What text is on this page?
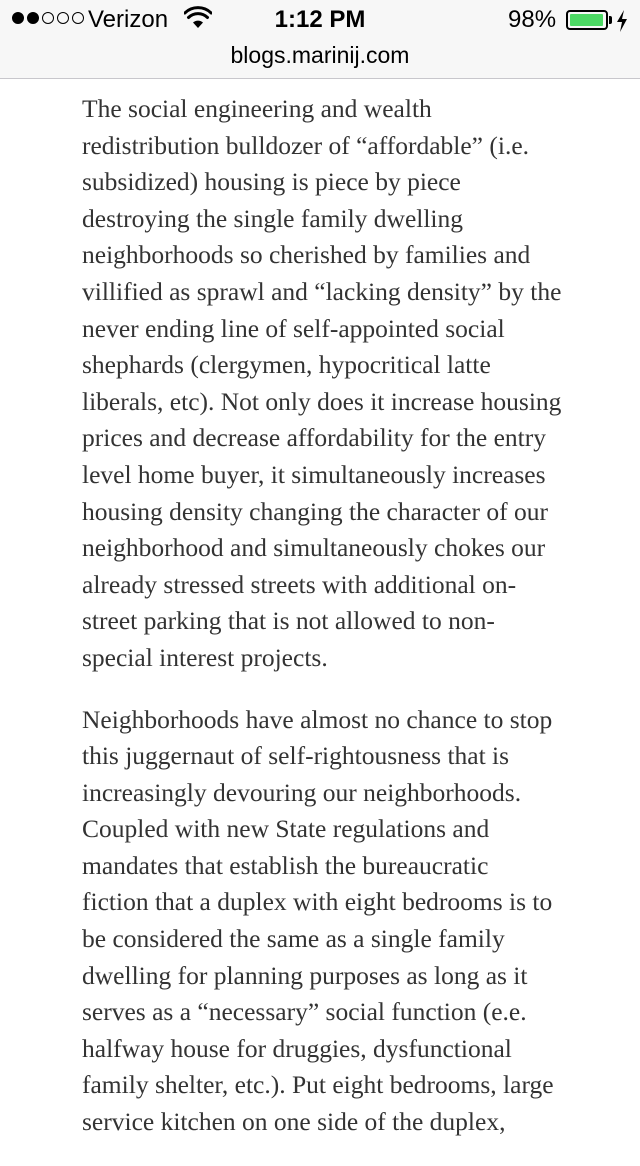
Verizon	1:12 PM	98%
blogs.marinij.com

The social engineering and wealth
redistribution bulldozer of “affordable” (i.e.
subsidized) housing is piece by piece
destroying the single family dwelling
neighborhoods so cherished by families and
villified as sprawl and “lacking density” by the
never ending line of self-appointed social
shephards (clergymen, hypocritical latte
liberals, etc). Not only does it increase housing
prices and decrease affordability for the entry
level home buyer, it simultaneously increases
housing density changing the character of our
neighborhood and simultaneously chokes our
already stressed streets with additional on-
street parking that is not allowed to non-
special interest projects.

Neighborhoods have almost no chance to stop
this juggernaut of self-rightousness that is
increasingly devouring our neighborhoods.
Coupled with new State regulations and
mandates that establish the bureaucratic
fiction that a duplex with eight bedrooms is to
be considered the same as a single family
dwelling for planning purposes as long as it
serves as a “necessary” social function (e.e.
halfway house for druggies, dysfunctional
family shelter, etc.). Put eight bedrooms, large
service kitchen on one side of the duplex,
